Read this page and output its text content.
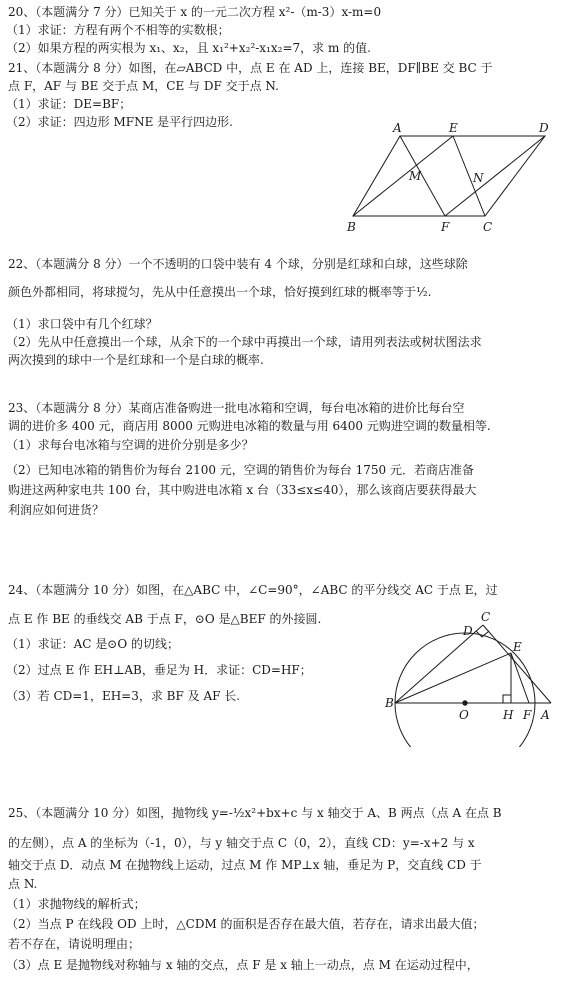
20、（本题满分 7 分）已知关于 x 的一元二次方程 x²-（m-3）x-m=0
（1）求证：方程有两个不相等的实数根；
（2）如果方程的两实根为 x₁、x₂，且 x₁²+x₂²-x₁x₂=7，求 m 的值.
21、（本题满分 8 分）如图，在▱ABCD 中，点 E 在 AD 上，连接 BE，DF∥BE 交 BC 于
点 F，AF 与 BE 交于点 M，CE 与 DF 交于点 N.
（1）求证：DE=BF；
（2）求证：四边形 MFNE 是平行四边形.	A	E	D
M	N
B	F	C
22、（本题满分 8 分）一个不透明的口袋中装有 4 个球，分别是红球和白球，这些球除
颜色外都相同，将球搅匀，先从中任意摸出一个球，恰好摸到红球的概率等于½.
（1）求口袋中有几个红球？
（2）先从中任意摸出一个球，从余下的一个球中再摸出一个球，请用列表法或树状图法求
两次摸到的球中一个是红球和一个是白球的概率.
23、（本题满分 8 分）某商店准备购进一批电冰箱和空调，每台电冰箱的进价比每台空
调的进价多 400 元，商店用 8000 元购进电冰箱的数量与用 6400 元购进空调的数量相等.
（1）求每台电冰箱与空调的进价分别是多少？
（2）已知电冰箱的销售价为每台 2100 元，空调的销售价为每台 1750 元．若商店准备
购进这两种家电共 100 台，其中购进电冰箱 x 台（33≤x≤40），那么该商店要获得最大
利润应如何进货？
24、（本题满分 10 分）如图，在△ABC 中，∠C=90°，∠ABC 的平分线交 AC 于点 E，过
点 E 作 BE 的垂线交 AB 于点 F，⊙O 是△BEF 的外接圆.
（1）求证：AC 是⊙O 的切线；
（2）过点 E 作 EH⊥AB，垂足为 H．求证：CD=HF；
（3）若 CD=1，EH=3，求 BF 及 AF 长.
C
D
E
B
O	H F A
25、（本题满分 10 分）如图，抛物线 y=-½x²+bx+c 与 x 轴交于 A、B 两点（点 A 在点 B
的左侧），点 A 的坐标为（-1，0），与 y 轴交于点 C（0，2），直线 CD：y=-x+2 与 x
轴交于点 D．动点 M 在抛物线上运动，过点 M 作 MP⊥x 轴，垂足为 P，交直线 CD 于
点 N.
（1）求抛物线的解析式；
（2）当点 P 在线段 OD 上时，△CDM 的面积是否存在最大值，若存在，请求出最大值；
若不存在，请说明理由；
（3）点 E 是抛物线对称轴与 x 轴的交点，点 F 是 x 轴上一动点，点 M 在运动过程中，
